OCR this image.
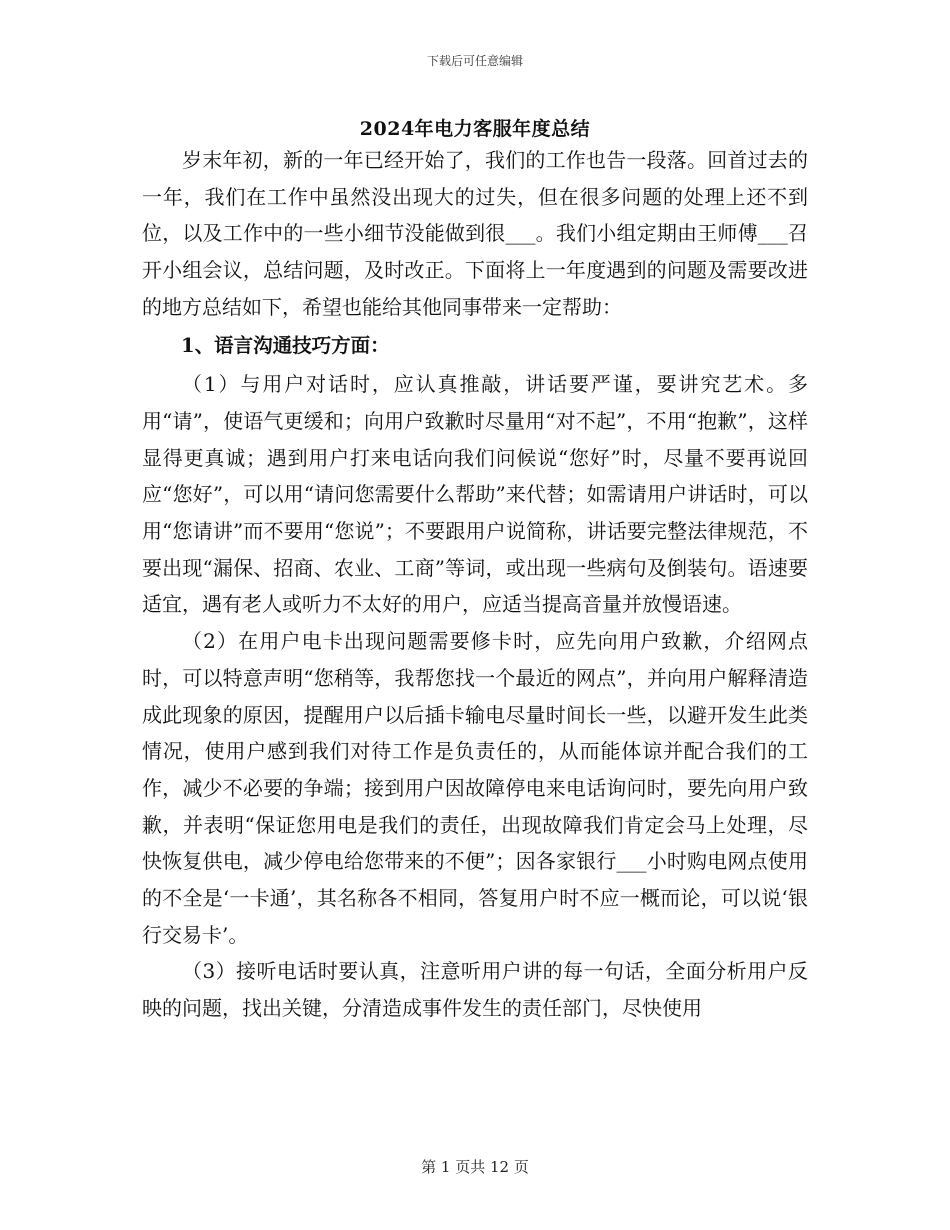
下载后可任意编辑
2024年电力客服年度总结

岁末年初，新的一年已经开始了，我们的工作也告一段落。回首过去的一年，我们在工作中虽然没出现大的过失，但在很多问题的处理上还不到位，以及工作中的一些小细节没能做到很___。我们小组定期由王师傅___召开小组会议，总结问题，及时改正。下面将上一年度遇到的问题及需要改进的地方总结如下，希望也能给其他同事带来一定帮助：

1、语言沟通技巧方面：

（1）与用户对话时，应认真推敲，讲话要严谨，要讲究艺术。多用“请”，使语气更缓和；向用户致歉时尽量用“对不起”，不用“抱歉”，这样显得更真诚；遇到用户打来电话向我们问候说“您好”时，尽量不要再说回应“您好”，可以用“请问您需要什么帮助”来代替；如需请用户讲话时，可以用“您请讲”而不要用“您说”；不要跟用户说简称，讲话要完整法律规范，不要出现“漏保、招商、农业、工商”等词，或出现一些病句及倒装句。语速要适宜，遇有老人或听力不太好的用户，应适当提高音量并放慢语速。

（2）在用户电卡出现问题需要修卡时，应先向用户致歉，介绍网点时，可以特意声明“您稍等，我帮您找一个最近的网点”，并向用户解释清造成此现象的原因，提醒用户以后插卡输电尽量时间长一些，以避开发生此类情况，使用户感到我们对待工作是负责任的，从而能体谅并配合我们的工作，减少不必要的争端；接到用户因故障停电来电话询问时，要先向用户致歉，并表明“保证您用电是我们的责任，出现故障我们肯定会马上处理，尽快恢复供电，减少停电给您带来的不便”；因各家银行___小时购电网点使用的不全是‘一卡通’，其名称各不相同，答复用户时不应一概而论，可以说‘银行交易卡’。

（3）接听电话时要认真，注意听用户讲的每一句话，全面分析用户反映的问题，找出关键，分清造成事件发生的责任部门，尽快使用

第 1 页共 12 页
